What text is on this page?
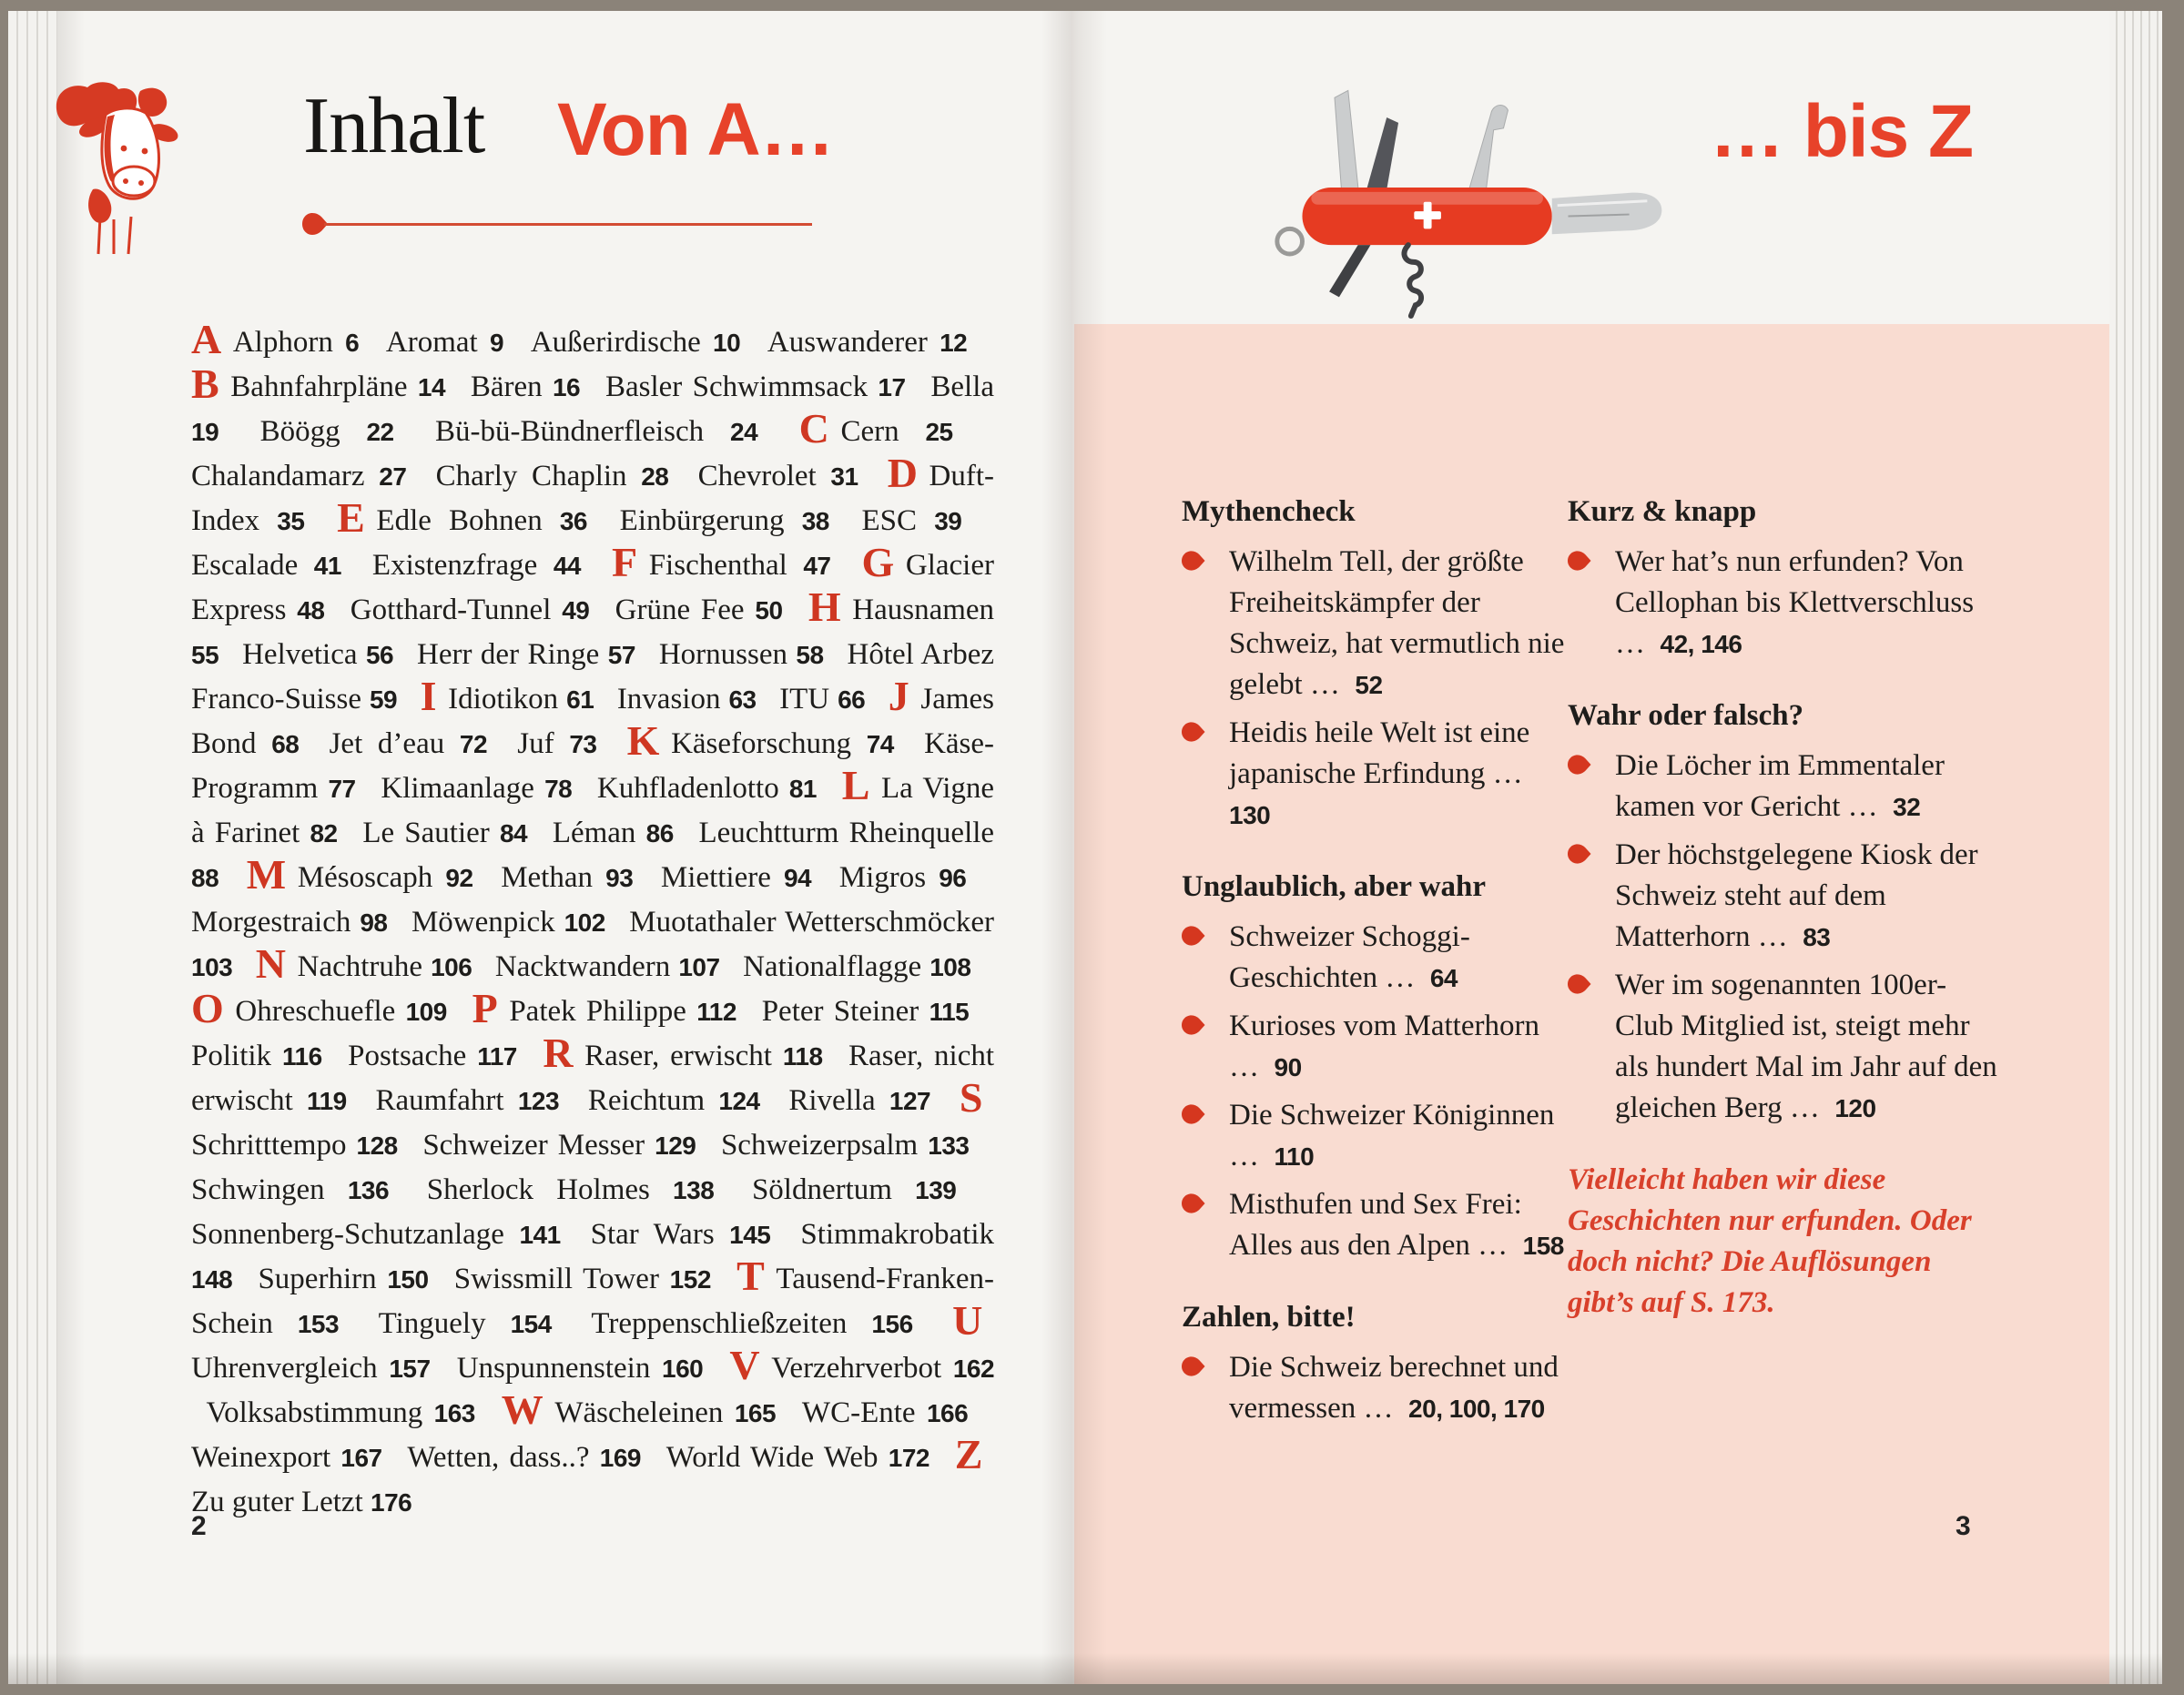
Inhalt Von A…

A  Alphorn 6   Aromat 9   Außerirdische 10   Auswanderer 12  B  Bahnfahrpläne 14   Bären 16   Basler Schwimmsack 17   Bella 19   Böögg 22   Bü-bü-Bündnerfleisch 24   C  Cern 25  Chalandamarz 27   Charly Chaplin 28   Chevrolet 31   D  Duft-Index 35   E  Edle Bohnen 36   Einbürgerung 38   ESC 39  Escalade 41   Existenzfrage 44   F  Fischenthal 47   G  Glacier Express 48   Gotthard-Tunnel 49   Grüne Fee 50   H  Hausnamen 55   Helvetica 56   Herr der Ringe 57   Hornussen 58   Hôtel Arbez Franco-Suisse 59   I  Idiotikon 61   Invasion 63   ITU 66   J  James Bond 68   Jet d’eau 72   Juf 73   K  Käseforschung 74   Käse-Programm 77   Klimaanlage 78   Kuhfladenlotto 81   L  La Vigne à Farinet 82   Le Sautier 84   Léman 86   Leuchtturm Rheinquelle 88   M  Mésoscaph 92   Methan 93   Miettiere 94   Migros 96  Morgestraich 98   Möwenpick 102   Muotathaler Wetterschmöcker 103   N  Nachtruhe 106   Nacktwandern 107   Nationalflagge 108  O  Ohreschuefle 109   P  Patek Philippe 112   Peter Steiner 115  Politik 116   Postsache 117   R  Raser, erwischt 118   Raser, nicht erwischt 119   Raumfahrt 123   Reichtum 124   Rivella 127   S Schritttempo 128   Schweizer Messer 129   Schweizerpsalm 133  Schwingen 136   Sherlock Holmes 138   Söldnertum 139  Sonnenberg-Schutzanlage 141   Star Wars 145   Stimmakrobatik 148   Superhirn 150   Swissmill Tower 152   T  Tausend-Franken-Schein 153   Tinguely 154   Treppenschließzeiten 156   U Uhrenvergleich 157   Unspunnenstein 160   V  Verzehrverbot 162  Volksabstimmung 163   W  Wäscheleinen 165   WC-Ente 166  Weinexport 167   Wetten, dass..? 169   World Wide Web 172   Z Zu guter Letzt 176  

2
… bis Z
Mythencheck
Wilhelm Tell, der größte Freiheitskämpfer der Schweiz, hat vermutlich nie gelebt … 52
Heidis heile Welt ist eine japanische Erfindung … 130
Unglaublich, aber wahr
Schweizer Schoggi-Geschichten … 64
Kurioses vom Matterhorn … 90
Die Schweizer Königinnen … 110
Misthufen und Sex Frei: Alles aus den Alpen … 158
Zahlen, bitte!
Die Schweiz berechnet und vermessen … 20, 100, 170
Kurz & knapp
Wer hat’s nun erfunden? Von Cellophan bis Klettverschluss … 42, 146
Wahr oder falsch?
Die Löcher im Emmentaler kamen vor Gericht … 32
Der höchstgelegene Kiosk der Schweiz steht auf dem Matterhorn … 83
Wer im sogenannten 100er-Club Mitglied ist, steigt mehr als hundert Mal im Jahr auf den gleichen Berg … 120
Vielleicht haben wir diese Geschichten nur erfunden. Oder doch nicht? Die Auflösungen gibt’s auf S. 173.
3
